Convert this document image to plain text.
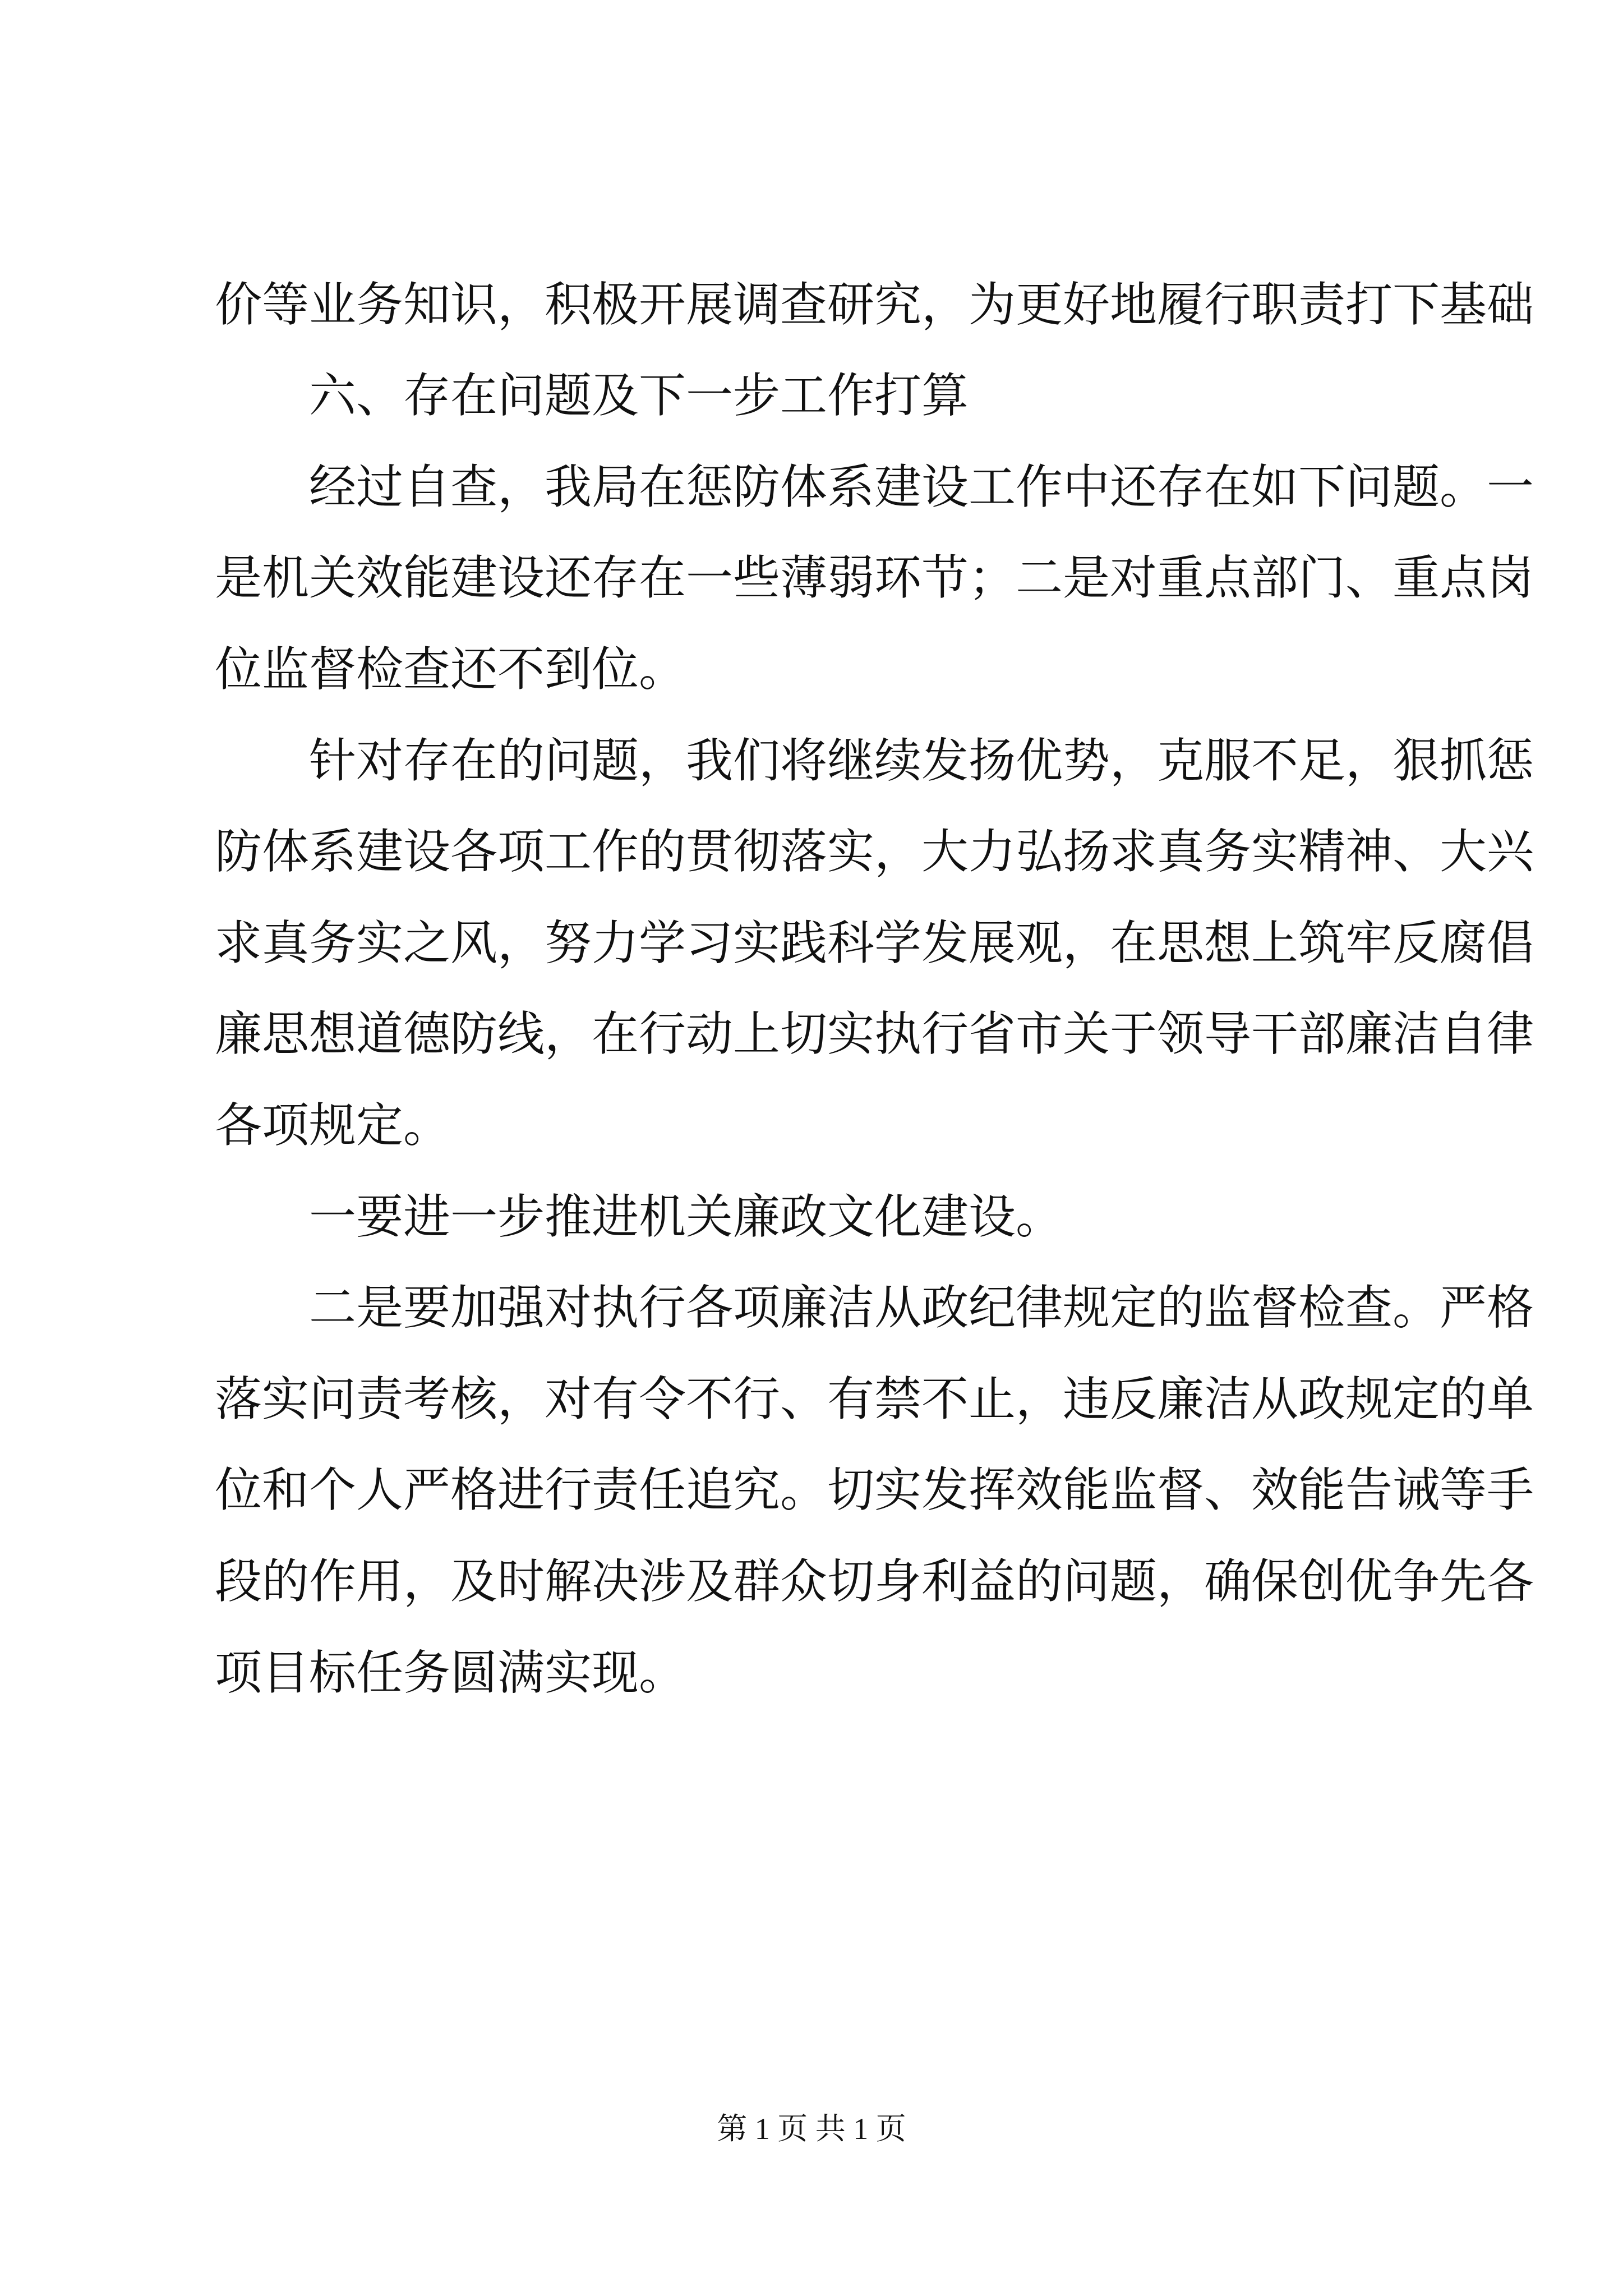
价等业务知识，积极开展调查研究，为更好地履行职责打下基础
六、存在问题及下一步工作打算
经过自查，我局在惩防体系建设工作中还存在如下问题。一
是机关效能建设还存在一些薄弱环节；二是对重点部门、重点岗
位监督检查还不到位。
针对存在的问题，我们将继续发扬优势，克服不足，狠抓惩
防体系建设各项工作的贯彻落实，大力弘扬求真务实精神、大兴
求真务实之风，努力学习实践科学发展观，在思想上筑牢反腐倡
廉思想道德防线，在行动上切实执行省市关于领导干部廉洁自律
各项规定。
一要进一步推进机关廉政文化建设。
二是要加强对执行各项廉洁从政纪律规定的监督检查。严格
落实问责考核，对有令不行、有禁不止，违反廉洁从政规定的单
位和个人严格进行责任追究。切实发挥效能监督、效能告诫等手
段的作用，及时解决涉及群众切身利益的问题，确保创优争先各
项目标任务圆满实现。
第 1 页 共 1 页
